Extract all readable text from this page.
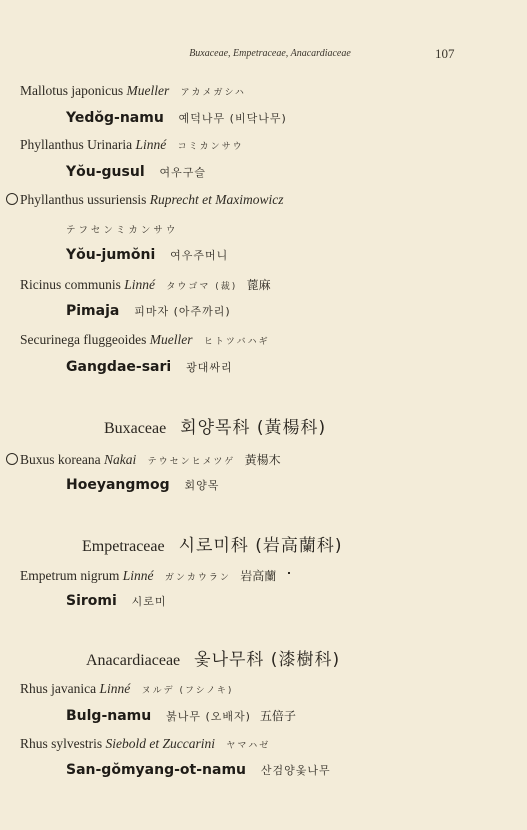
Buxaceae, Empetraceae, Anacardiaceae	107
Mallotus japonicus Mueller アカメガシハ
Yedŏg-namu 예덕나무 (비닥나무)
Phyllanthus Urinaria Linné コミカンサウ
Yŏu-gusul 여우구슬
Phyllanthus ussuriensis Ruprecht et Maximowicz
テフセンミカンサウ
Yŏu-jumŏni 여우주머니
Ricinus communis Linné タウゴマ (裁) 蓖麻
Pimaja 피마자 (아주까리)
Securinega fluggeoides Mueller ヒトツバハギ
Gangdae-sari 광대싸리
Buxaceae 회양목科 (黃楊科)
Buxus koreana Nakai テウセンヒメツゲ 黃楊木
Hoeyangmog 회양목
Empetraceae 시로미科 (岩高蘭科)
Empetrum nigrum Linné ガンカウラン 岩高蘭
Siromi 시로미
Anacardiaceae 옻나무科 (漆樹科)
Rhus javanica Linné ヌルデ (フシノキ)
Bulg-namu 붉나무 (오배자) 五倍子
Rhus sylvestris Siebold et Zuccarini ヤマハゼ
San-gŏmyang-ot-namu 산검양옻나무
